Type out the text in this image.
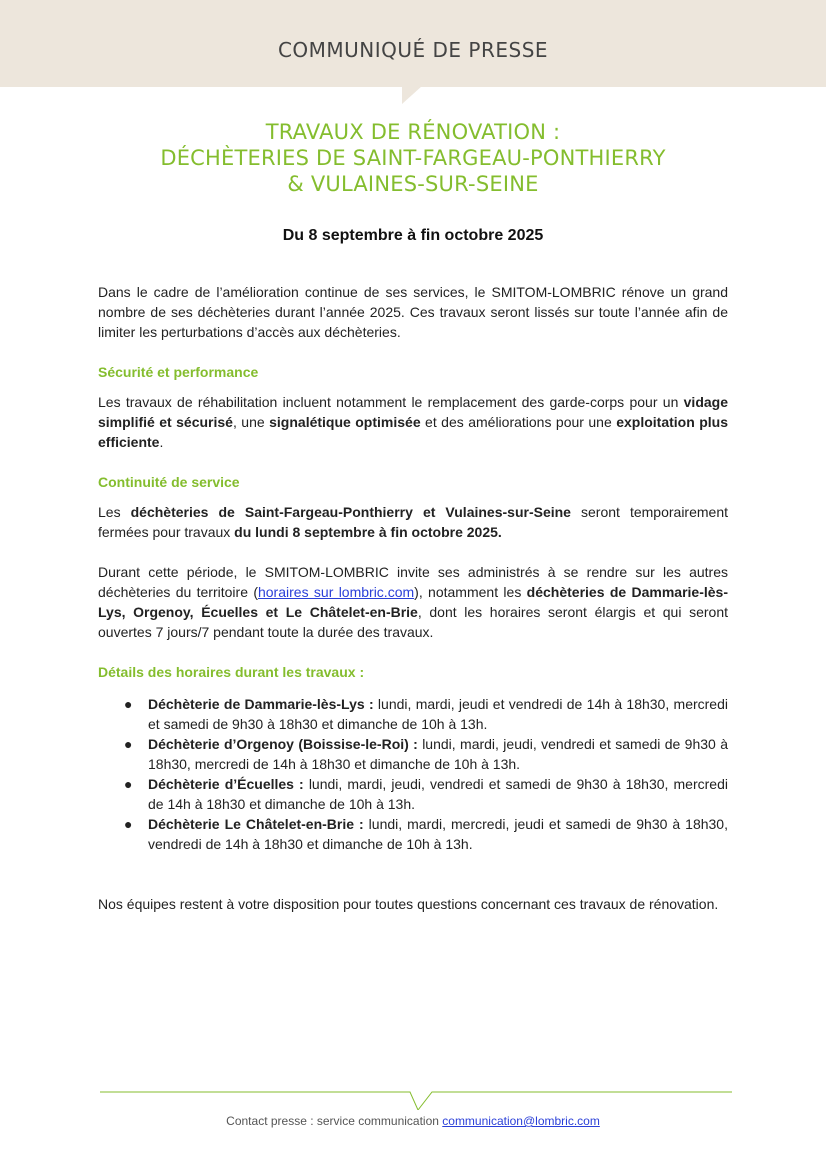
COMMUNIQUÉ DE PRESSE
TRAVAUX DE RÉNOVATION :
DÉCHÈTERIES DE SAINT-FARGEAU-PONTHIERRY
& VULAINES-SUR-SEINE
Du 8 septembre à fin octobre 2025

Dans le cadre de l’amélioration continue de ses services, le SMITOM-LOMBRIC rénove un grand nombre de ses déchèteries durant l’année 2025. Ces travaux seront lissés sur toute l’année afin de limiter les perturbations d’accès aux déchèteries.

Sécurité et performance

Les travaux de réhabilitation incluent notamment le remplacement des garde-corps pour un vidage simplifié et sécurisé, une signalétique optimisée et des améliorations pour une exploitation plus efficiente.

Continuité de service

Les déchèteries de Saint-Fargeau-Ponthierry et Vulaines-sur-Seine seront temporairement fermées pour travaux du lundi 8 septembre à fin octobre 2025.

Durant cette période, le SMITOM-LOMBRIC invite ses administrés à se rendre sur les autres déchèteries du territoire (horaires sur lombric.com), notamment les déchèteries de Dammarie-lès-Lys, Orgenoy, Écuelles et Le Châtelet-en-Brie, dont les horaires seront élargis et qui seront ouvertes 7 jours/7 pendant toute la durée des travaux.

Détails des horaires durant les travaux :
● Déchèterie de Dammarie-lès-Lys : lundi, mardi, jeudi et vendredi de 14h à 18h30, mercredi et samedi de 9h30 à 18h30 et dimanche de 10h à 13h.
● Déchèterie d’Orgenoy (Boissise-le-Roi) : lundi, mardi, jeudi, vendredi et samedi de 9h30 à 18h30, mercredi de 14h à 18h30 et dimanche de 10h à 13h.
● Déchèterie d’Écuelles : lundi, mardi, jeudi, vendredi et samedi de 9h30 à 18h30, mercredi de 14h à 18h30 et dimanche de 10h à 13h.
● Déchèterie Le Châtelet-en-Brie : lundi, mardi, mercredi, jeudi et samedi de 9h30 à 18h30, vendredi de 14h à 18h30 et dimanche de 10h à 13h.

Nos équipes restent à votre disposition pour toutes questions concernant ces travaux de rénovation.

Contact presse : service communication communication@lombric.com
